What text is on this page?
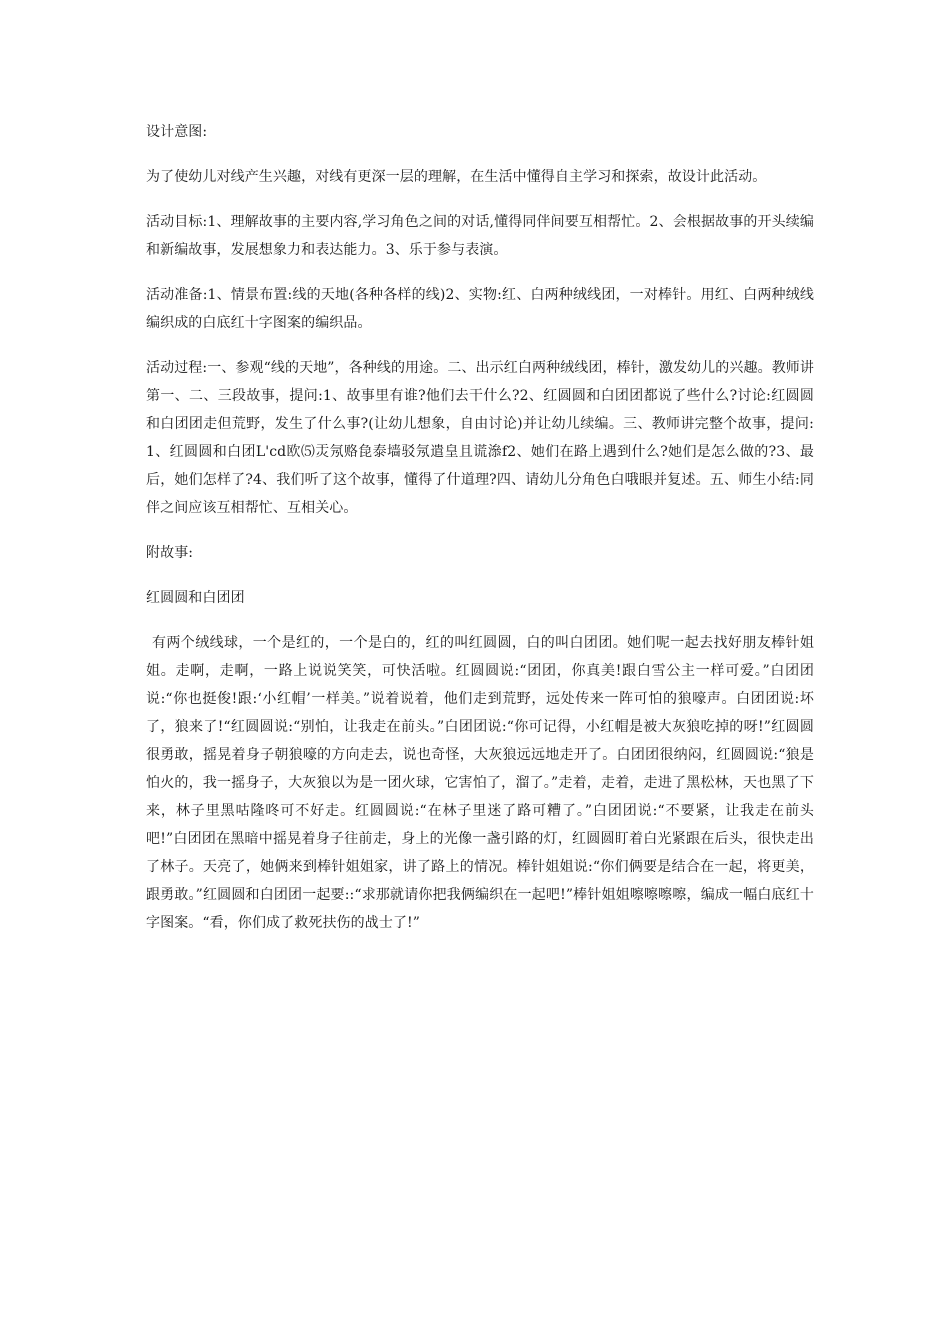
设计意图:

为了使幼儿对线产生兴趣，对线有更深一层的理解，在生活中懂得自主学习和探索，故设计此活动。

活动目标:1、理解故事的主要内容,学习角色之间的对话,懂得同伴间要互相帮忙。2、会根据故事的开头续编和新编故事，发展想象力和表达能力。3、乐于参与表演。

活动准备:1、情景布置:线的天地(各种各样的线)2、实物:红、白两种绒线团，一对棒针。用红、白两种绒线编织成的白底红十字图案的编织品。

活动过程:一、参观“线的天地”，各种线的用途。二、出示红白两种绒线团，棒针，激发幼儿的兴趣。教师讲第一、二、三段故事，提问:1、故事里有谁?他们去干什么?2、红圆圆和白团团都说了些什么?讨论:红圆圆和白团团走但荒野，发生了什么事?(让幼儿想象，自由讨论)并让幼儿续编。三、教师讲完整个故事，提问:1、红圆圆和白团L'cd欧⑸㶣氖赂㲋泰墙驳氖遣皇且谎㵕f2、她们在路上遇到什么?她们是怎么做的?3、最后，她们怎样了?4、我们听了这个故事，懂得了什道理?四、请幼儿分角色白哦眼并复述。五、师生小结:同伴之间应该互相帮忙、互相关心。

附故事:

红圆圆和白团团

有两个绒线球，一个是红的，一个是白的，红的叫红圆圆，白的叫白团团。她们呢一起去找好朋友棒针姐姐。走啊，走啊，一路上说说笑笑，可快活啦。红圆圆说:“团团，你真美!跟白雪公主一样可爱。”白团团说:“你也挺俊!跟:‘小红帽’一样美。”说着说着，他们走到荒野，远处传来一阵可怕的狼嚎声。白团团说:坏了，狼来了!“红圆圆说:“别怕，让我走在前头。”白团团说:“你可记得，小红帽是被大灰狼吃掉的呀!”红圆圆很勇敢，摇晃着身子朝狼嚎的方向走去，说也奇怪，大灰狼远远地走开了。白团团很纳闷，红圆圆说:“狼是怕火的，我一摇身子，大灰狼以为是一团火球，它害怕了，溜了。”走着，走着，走进了黑松林，天也黑了下来，林子里黑咕隆咚可不好走。红圆圆说:“在林子里迷了路可糟了。”白团团说:“不要紧，让我走在前头吧!”白团团在黑暗中摇晃着身子往前走，身上的光像一盏引路的灯，红圆圆盯着白光紧跟在后头，很快走出了林子。天亮了，她俩来到棒针姐姐家，讲了路上的情况。棒针姐姐说:“你们俩要是结合在一起，将更美，跟勇敢。”红圆圆和白团团一起要::“求那就请你把我俩编织在一起吧!”棒针姐姐嚓嚓嚓嚓，编成一幅白底红十字图案。“看，你们成了救死扶伤的战士了!”
